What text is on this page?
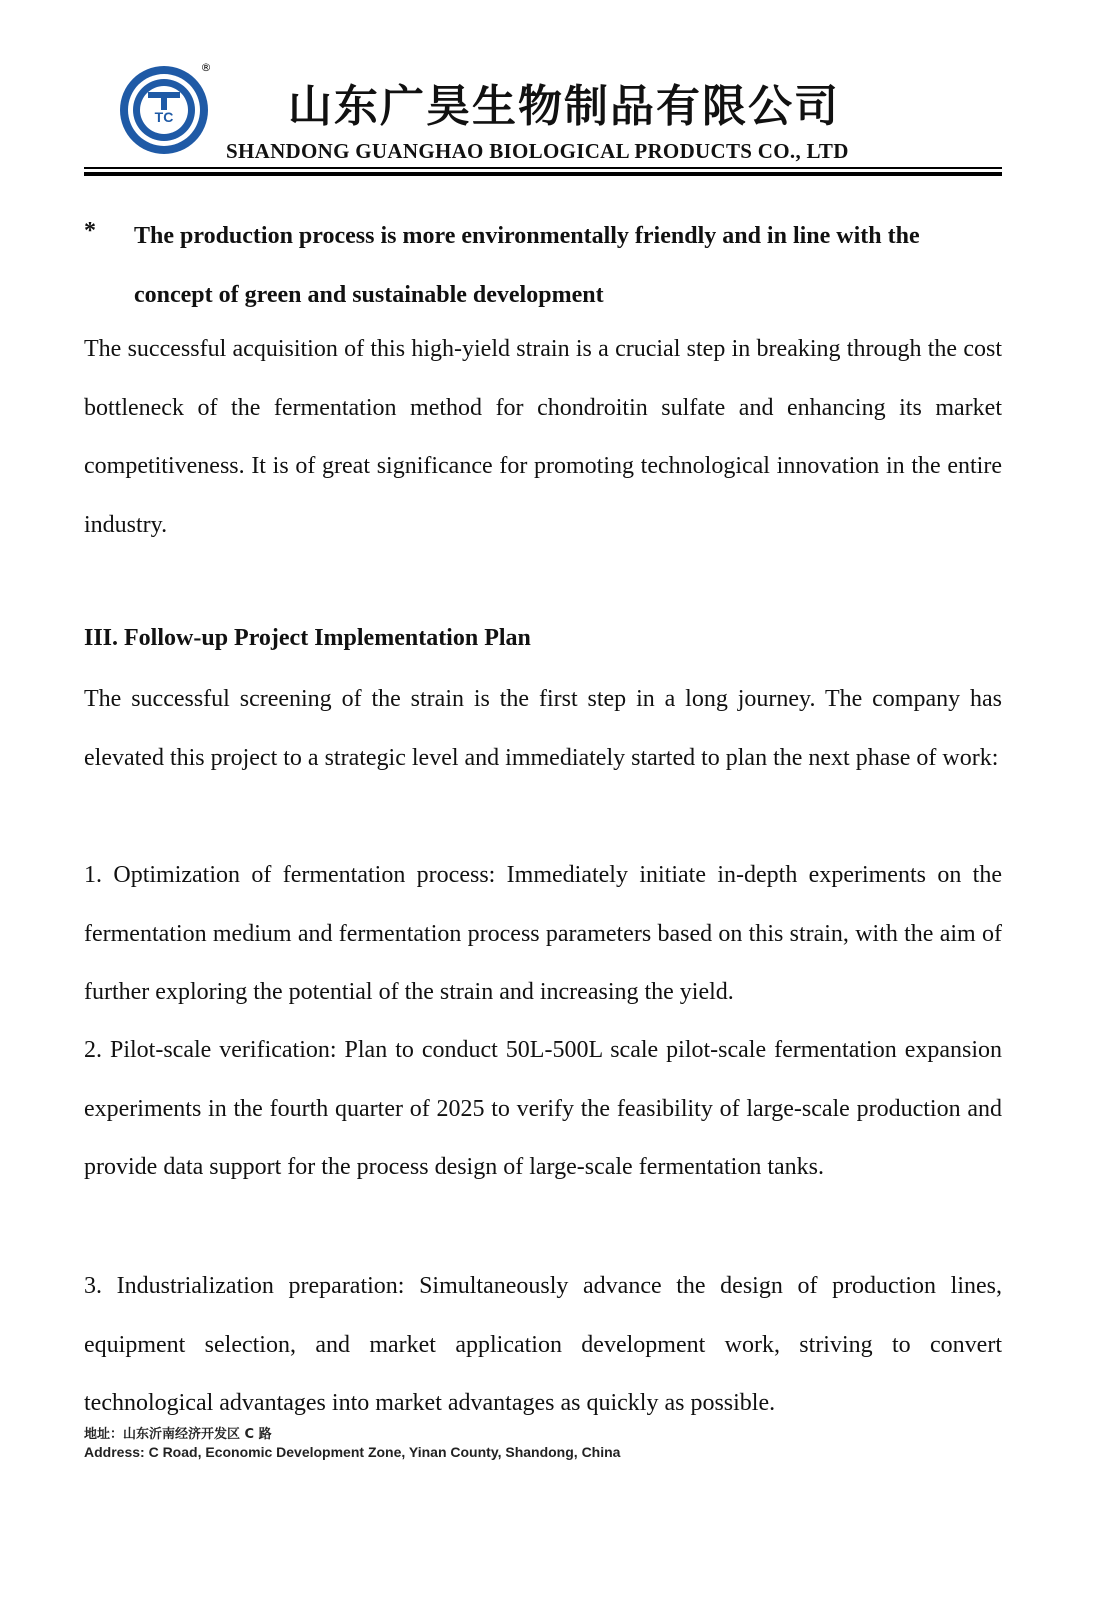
TC
®
山东广昊生物制品有限公司
SHANDONG GUANGHAO BIOLOGICAL PRODUCTS CO., LTD
* The production process is more environmentally friendly and in line with the concept of green and sustainable development
The successful acquisition of this high-yield strain is a crucial step in breaking through the cost bottleneck of the fermentation method for chondroitin sulfate and enhancing its market competitiveness. It is of great significance for promoting technological innovation in the entire industry.
III. Follow-up Project Implementation Plan
The successful screening of the strain is the first step in a long journey. The company has elevated this project to a strategic level and immediately started to plan the next phase of work:
1. Optimization of fermentation process: Immediately initiate in-depth experiments on the fermentation medium and fermentation process parameters based on this strain, with the aim of further exploring the potential of the strain and increasing the yield.
2. Pilot-scale verification: Plan to conduct 50L-500L scale pilot-scale fermentation expansion experiments in the fourth quarter of 2025 to verify the feasibility of large-scale production and provide data support for the process design of large-scale fermentation tanks.
3. Industrialization preparation: Simultaneously advance the design of production lines, equipment selection, and market application development work, striving to convert technological advantages into market advantages as quickly as possible.
地址：山东沂南经济开发区 C 路
Address: C Road, Economic Development Zone, Yinan County, Shandong, China
